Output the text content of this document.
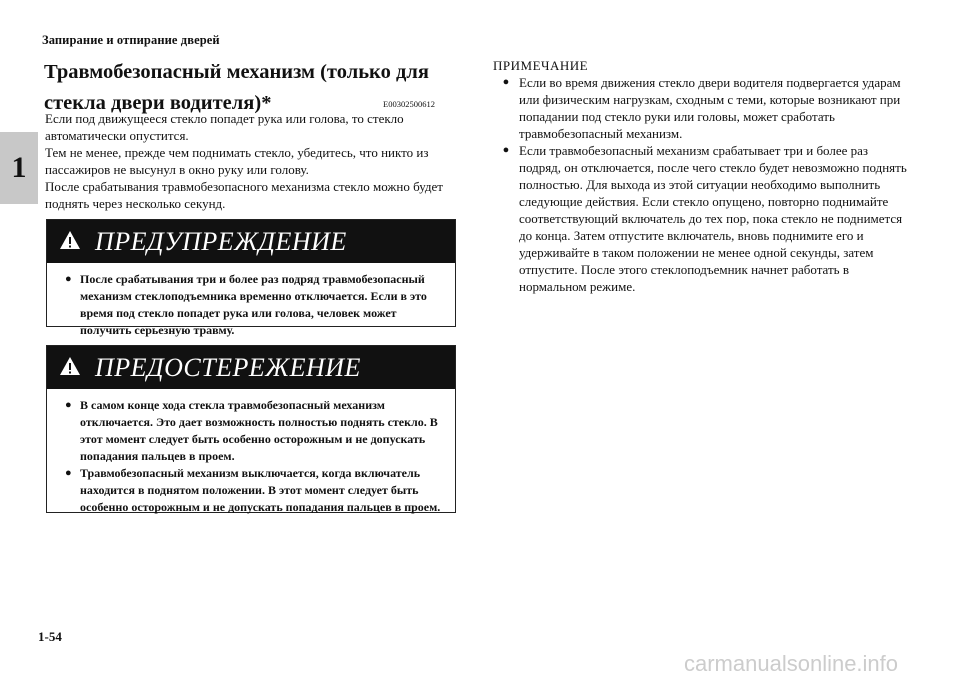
Запирание и отпирание дверей
1
Травмобезопасный механизм (только для стекла двери водителя)*	E00302500612

Если под движущееся стекло попадет рука или голова, то стекло автоматически опустится.

Тем не менее, прежде чем поднимать стекло, убедитесь, что никто из пассажиров не высунул в окно руку или голову.

После срабатывания травмобезопасного механизма стекло можно будет поднять через несколько секунд.

ПРЕДУПРЕЖДЕНИЕ
● После срабатывания три и более раз подряд травмобезопасный механизм стеклоподъемника временно отключается. Если в это время под стекло попадет рука или голова, человек может получить серьезную травму.
ПРЕДОСТЕРЕЖЕНИЕ
● В самом конце хода стекла травмобезопасный механизм отключается. Это дает возможность полностью поднять стекло. В этот момент следует быть особенно осторожным и не допускать попадания пальцев в проем.
● Травмобезопасный механизм выключается, когда включатель находится в поднятом положении. В этот момент следует быть особенно осторожным и не допускать попадания пальцев в проем.
ПРИМЕЧАНИЕ
● Если во время движения стекло двери водителя подвергается ударам или физическим нагрузкам, сходным с теми, которые возникают при попадании под стекло руки или головы, может сработать травмобезопасный механизм.
● Если травмобезопасный механизм срабатывает три и более раз подряд, он отключается, после чего стекло будет невозможно поднять полностью. Для выхода из этой ситуации необходимо выполнить следующие действия. Если стекло опущено, повторно поднимайте соответствующий включатель до тех пор, пока стекло не поднимется до конца. Затем отпустите включатель, вновь поднимите его и удерживайте в таком положении не менее одной секунды, затем отпустите. После этого стеклоподъемник начнет работать в нормальном режиме.
1-54
carmanualsonline.info
